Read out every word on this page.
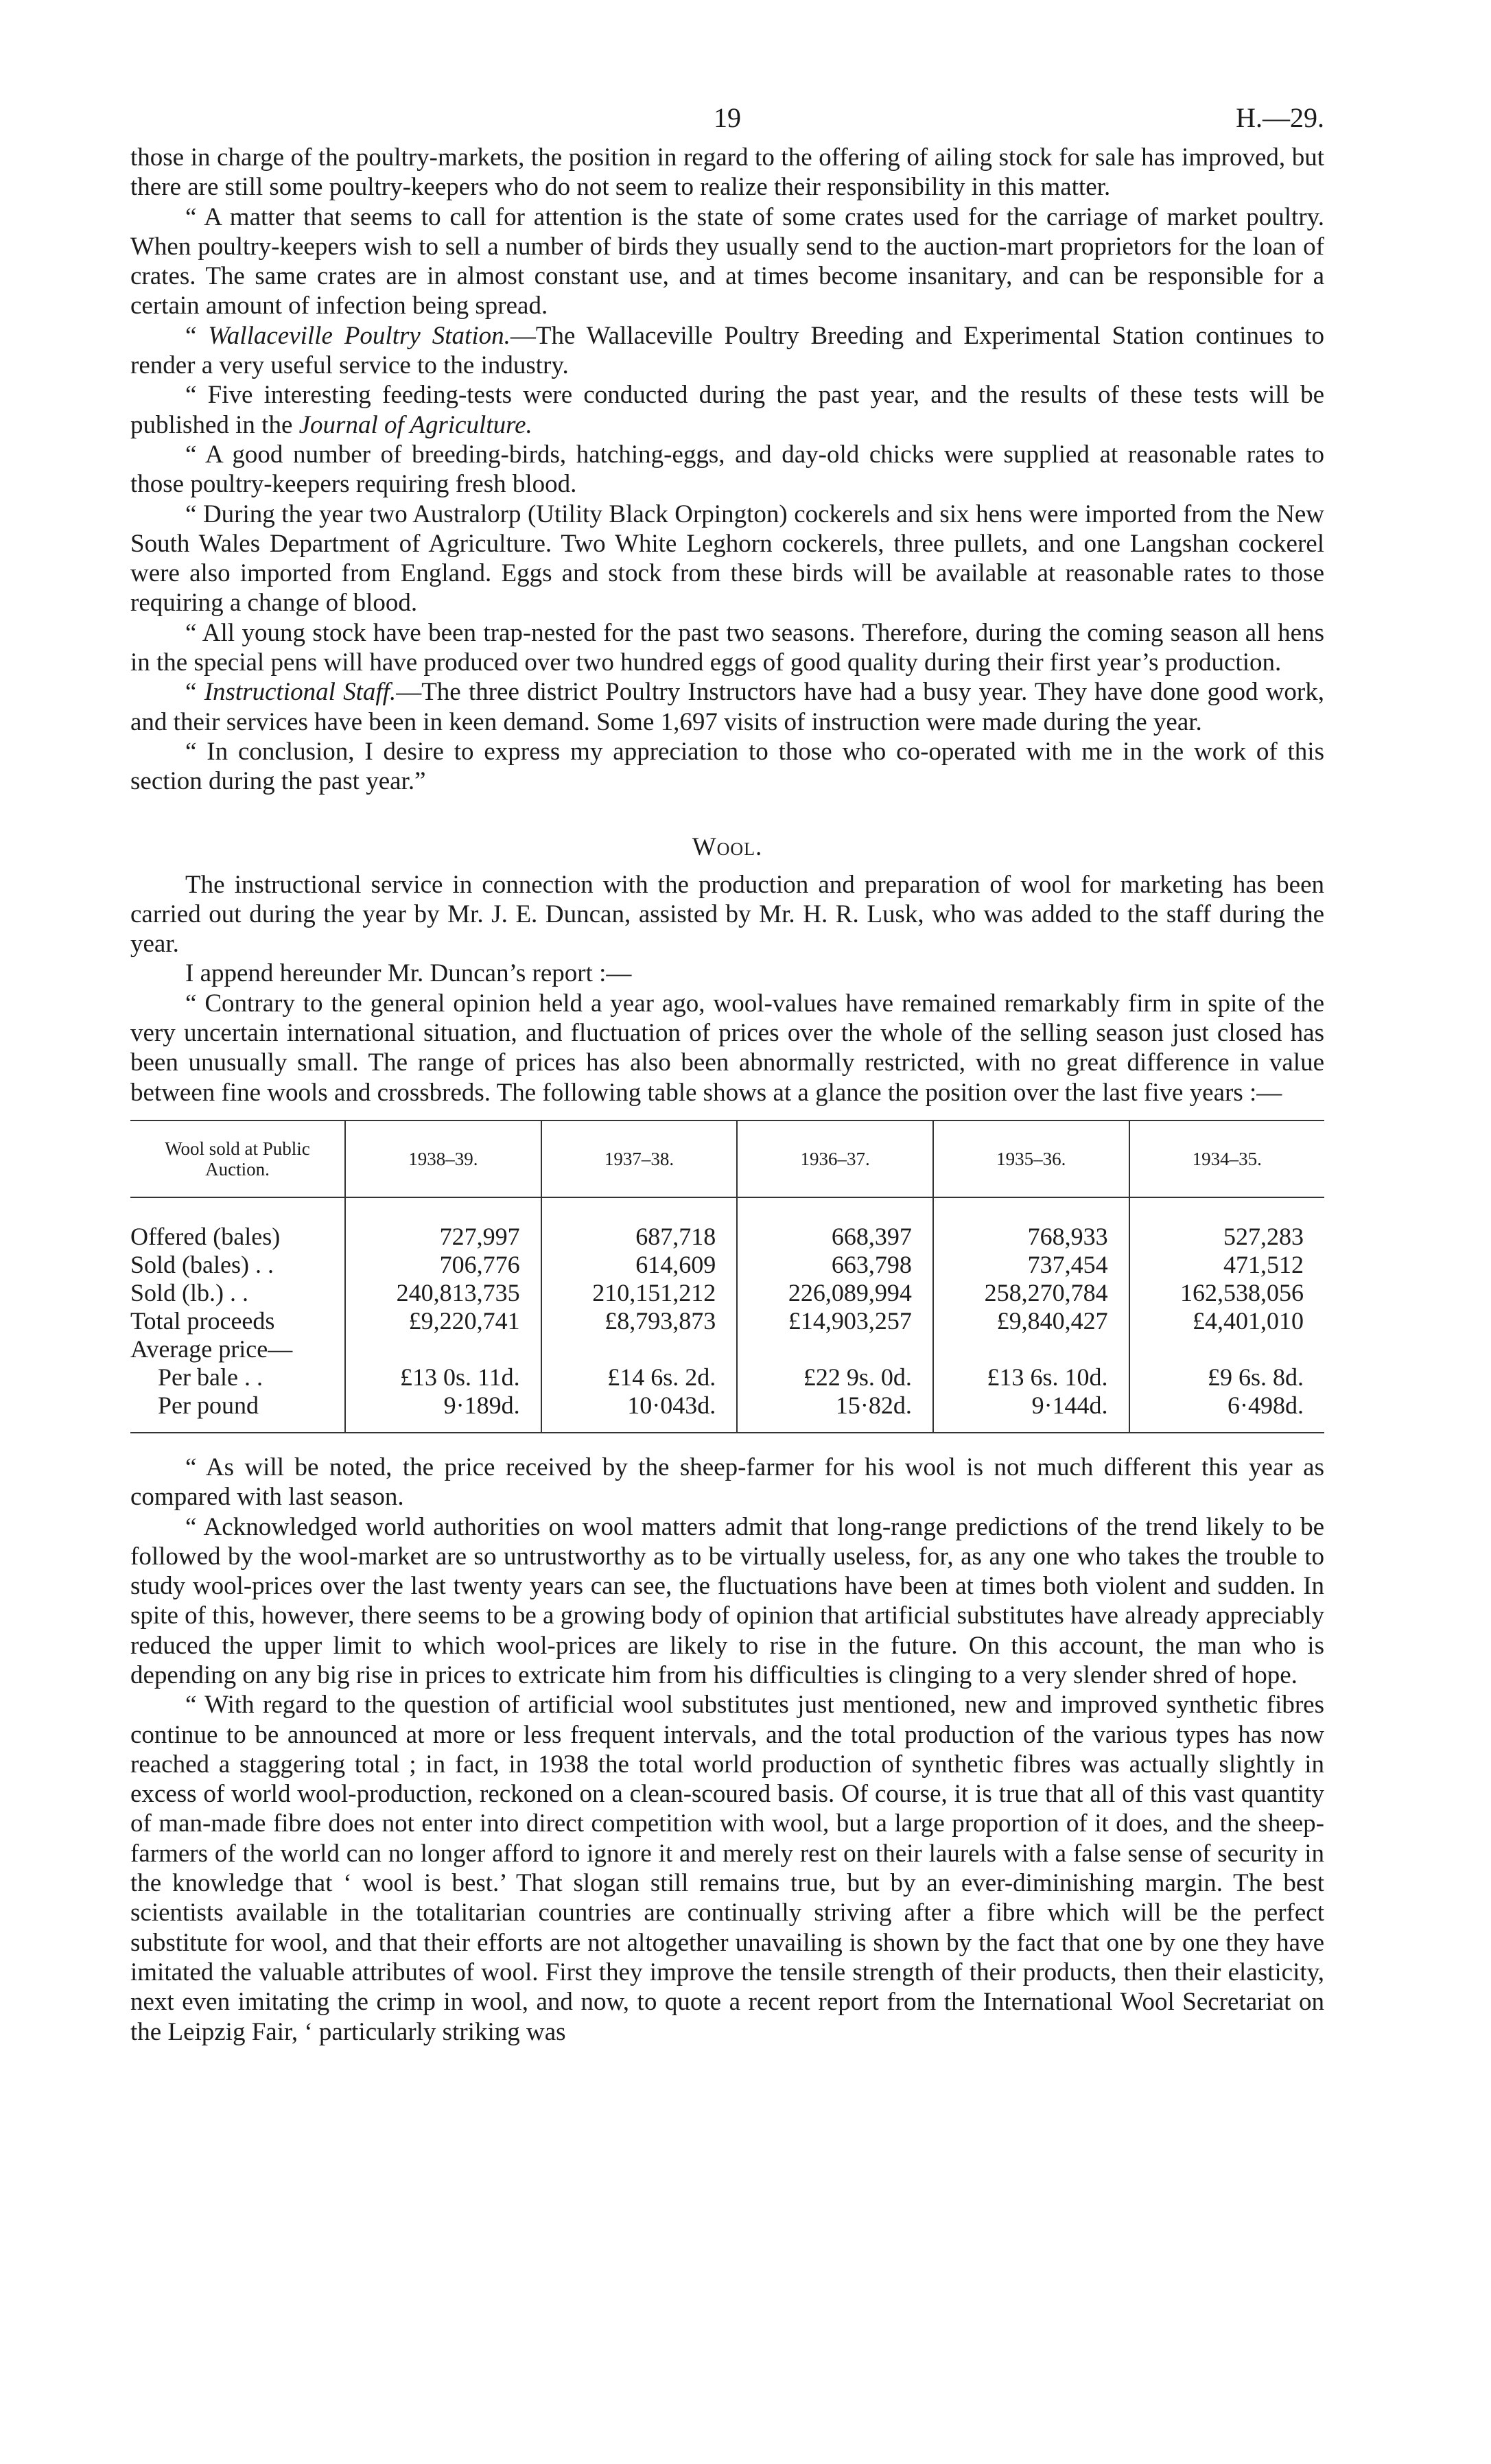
19	H.—29.

those in charge of the poultry-markets, the position in regard to the offering of ailing stock for sale has improved, but there are still some poultry-keepers who do not seem to realize their responsibility in this matter.

“ A matter that seems to call for attention is the state of some crates used for the carriage of market poultry. When poultry-keepers wish to sell a number of birds they usually send to the auction-mart proprietors for the loan of crates. The same crates are in almost constant use, and at times become insanitary, and can be responsible for a certain amount of infection being spread.

“ Wallaceville Poultry Station.—The Wallaceville Poultry Breeding and Experimental Station continues to render a very useful service to the industry.

“ Five interesting feeding-tests were conducted during the past year, and the results of these tests will be published in the Journal of Agriculture.

“ A good number of breeding-birds, hatching-eggs, and day-old chicks were supplied at reasonable rates to those poultry-keepers requiring fresh blood.

“ During the year two Australorp (Utility Black Orpington) cockerels and six hens were imported from the New South Wales Department of Agriculture. Two White Leghorn cockerels, three pullets, and one Langshan cockerel were also imported from England. Eggs and stock from these birds will be available at reasonable rates to those requiring a change of blood.

“ All young stock have been trap-nested for the past two seasons. Therefore, during the coming season all hens in the special pens will have produced over two hundred eggs of good quality during their first year’s production.

“ Instructional Staff.—The three district Poultry Instructors have had a busy year. They have done good work, and their services have been in keen demand. Some 1,697 visits of instruction were made during the year.

“ In conclusion, I desire to express my appreciation to those who co-operated with me in the work of this section during the past year.”

Wool.

The instructional service in connection with the production and preparation of wool for marketing has been carried out during the year by Mr. J. E. Duncan, assisted by Mr. H. R. Lusk, who was added to the staff during the year.

I append hereunder Mr. Duncan’s report :—

“ Contrary to the general opinion held a year ago, wool-values have remained remarkably firm in spite of the very uncertain international situation, and fluctuation of prices over the whole of the selling season just closed has been unusually small. The range of prices has also been abnormally restricted, with no great difference in value between fine wools and crossbreds. The following table shows at a glance the position over the last five years :—

Wool sold at Public Auction.	1938–39.	1937–38.	1936–37.	1935–36.	1934–35.

Offered (bales)	727,997	687,718	668,397	768,933	527,283
Sold (bales) . .	706,776	614,609	663,798	737,454	471,512
Sold (lb.) . .	240,813,735	210,151,212	226,089,994	258,270,784	162,538,056
Total proceeds	£9,220,741	£8,793,873	£14,903,257	£9,840,427	£4,401,010
Average price—					
Per bale . .	£13 0s. 11d.	£14 6s. 2d.	£22 9s. 0d.	£13 6s. 10d.	£9 6s. 8d.
Per pound	9·189d.	10·043d.	15·82d.	9·144d.	6·498d.

“ As will be noted, the price received by the sheep-farmer for his wool is not much different this year as compared with last season.

“ Acknowledged world authorities on wool matters admit that long-range predictions of the trend likely to be followed by the wool-market are so untrustworthy as to be virtually useless, for, as any one who takes the trouble to study wool-prices over the last twenty years can see, the fluctuations have been at times both violent and sudden. In spite of this, however, there seems to be a growing body of opinion that artificial substitutes have already appreciably reduced the upper limit to which wool-prices are likely to rise in the future. On this account, the man who is depending on any big rise in prices to extricate him from his difficulties is clinging to a very slender shred of hope.

“ With regard to the question of artificial wool substitutes just mentioned, new and improved synthetic fibres continue to be announced at more or less frequent intervals, and the total production of the various types has now reached a staggering total ; in fact, in 1938 the total world production of synthetic fibres was actually slightly in excess of world wool-production, reckoned on a clean-scoured basis. Of course, it is true that all of this vast quantity of man-made fibre does not enter into direct competition with wool, but a large proportion of it does, and the sheep-farmers of the world can no longer afford to ignore it and merely rest on their laurels with a false sense of security in the knowledge that ‘ wool is best.’ That slogan still remains true, but by an ever-diminishing margin. The best scientists available in the totalitarian countries are continually striving after a fibre which will be the perfect substitute for wool, and that their efforts are not altogether unavailing is shown by the fact that one by one they have imitated the valuable attributes of wool. First they improve the tensile strength of their products, then their elasticity, next even imitating the crimp in wool, and now, to quote a recent report from the International Wool Secretariat on the Leipzig Fair, ‘ particularly striking was
